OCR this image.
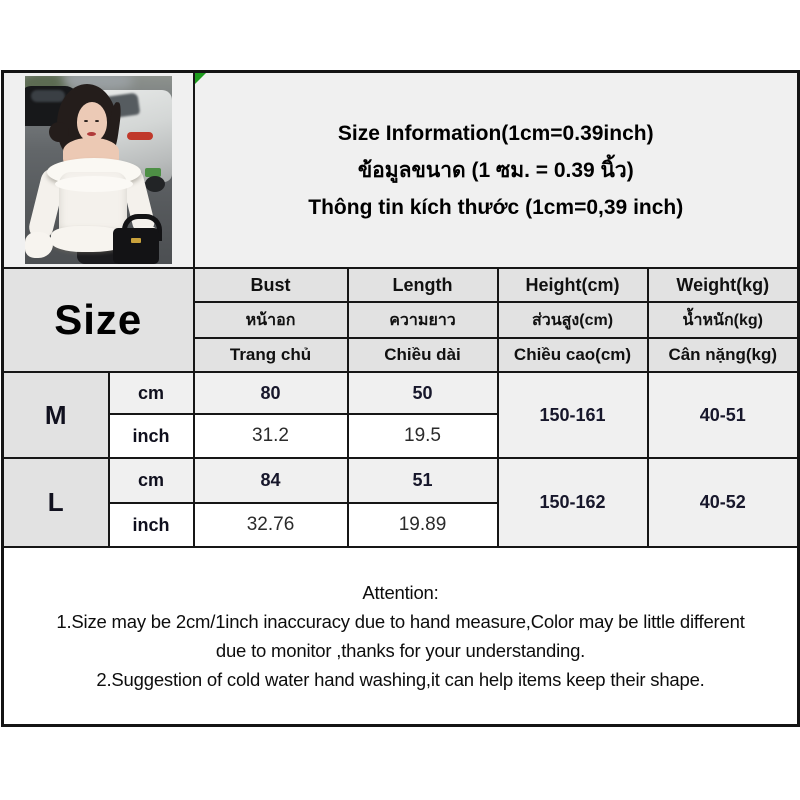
		Size Information(1cm=0.39inch)
ข้อมูลขนาด (1 ซม. = 0.39 นิ้ว)
Thông tin kích thước (1cm=0,39 inch)			

Size		Bust	Length	Height(cm)	Weight(kg)
		หน้าอก	ความยาว	ส่วนสูง(cm)	น้ำหนัก(kg)
		Trang chủ	Chiều dài	Chiều cao(cm)	Cân nặng(kg)
M	cm	80	50	150-161	40-51
	inch	31.2	19.5		
L	cm	84	51	150-162	40-52
	inch	32.76	19.89		

Attention:
1.Size may be 2cm/1inch inaccuracy due to hand measure,Color may be little different
due to monitor ,thanks for your understanding.
2.Suggestion of cold water hand washing,it can help items keep their shape.					
